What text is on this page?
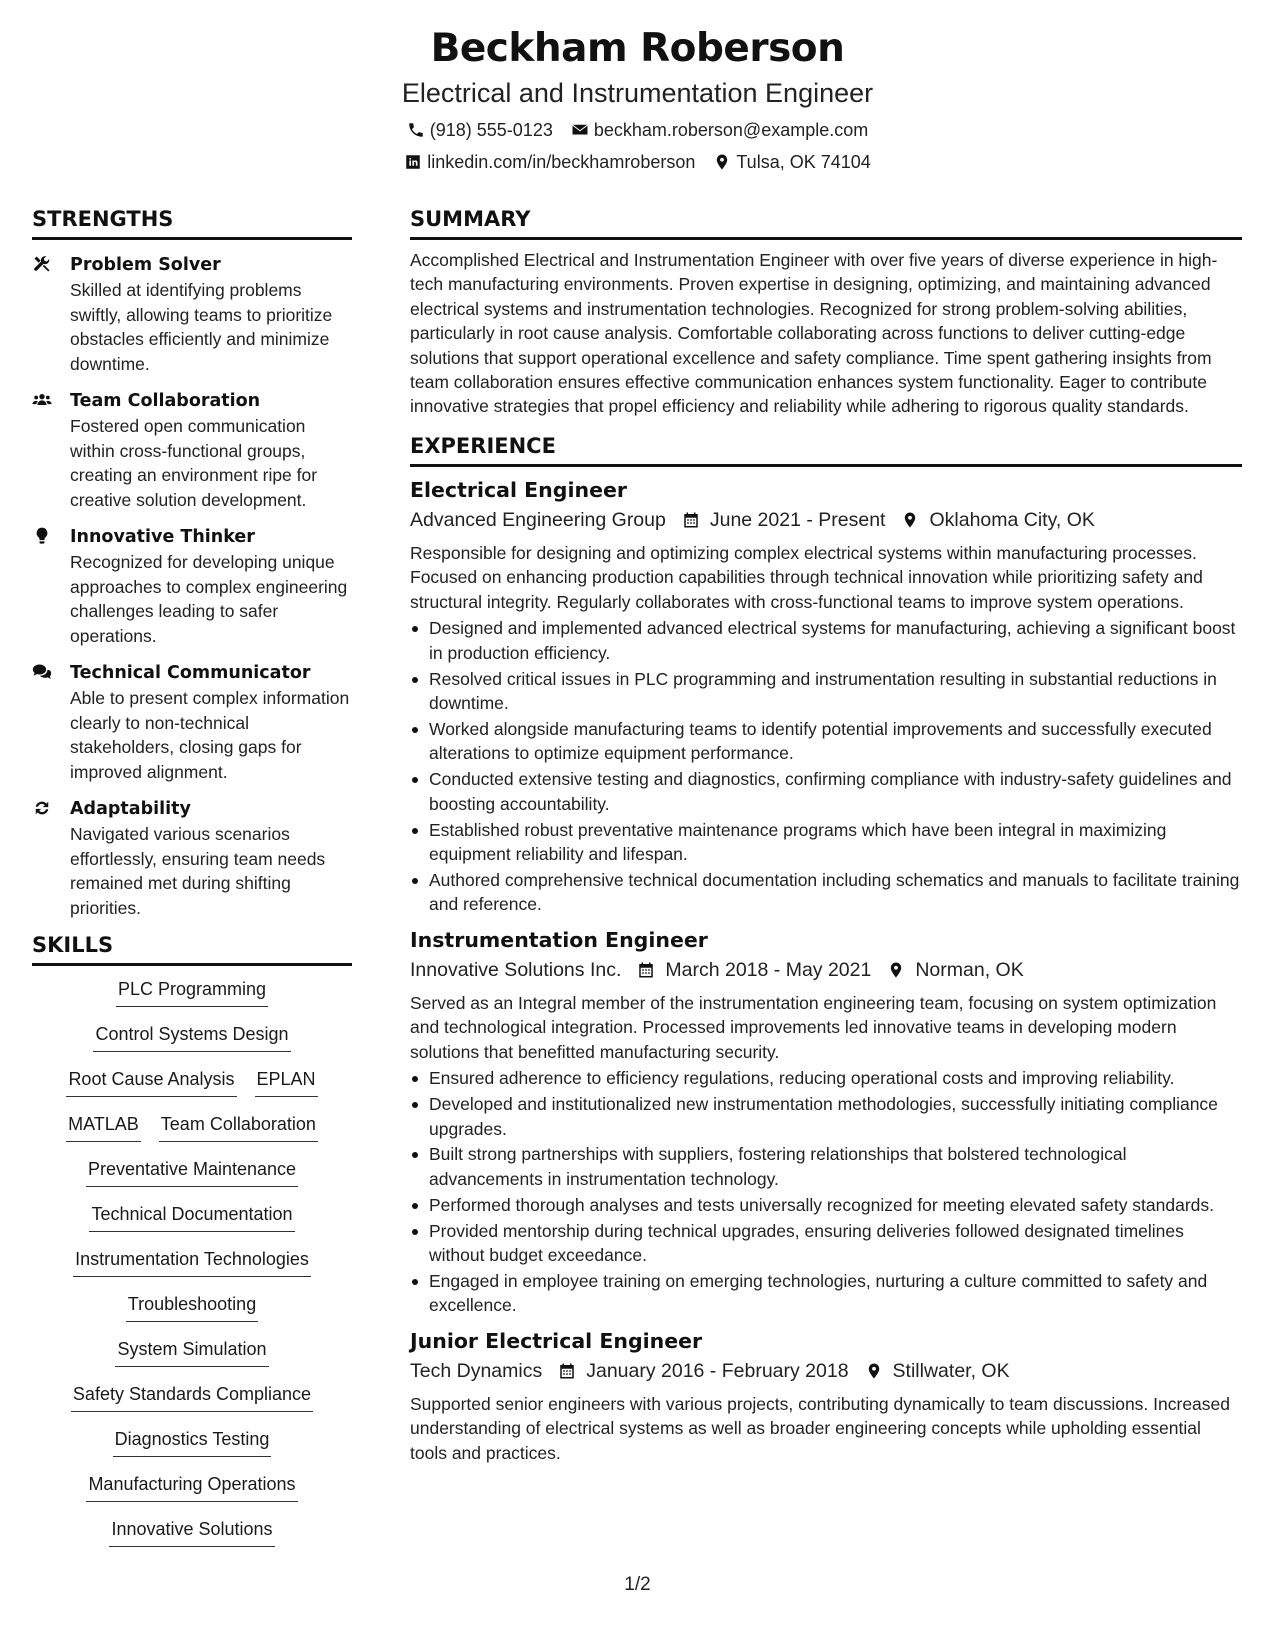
Beckham Roberson
Electrical and Instrumentation Engineer
(918) 555-0123 beckham.roberson@example.com
linkedin.com/in/beckhamroberson Tulsa, OK 74104
STRENGTHS
Problem Solver
Skilled at identifying problems swiftly, allowing teams to prioritize obstacles efficiently and minimize downtime.
Team Collaboration
Fostered open communication within cross-functional groups, creating an environment ripe for creative solution development.
Innovative Thinker
Recognized for developing unique approaches to complex engineering challenges leading to safer operations.
Technical Communicator
Able to present complex information clearly to non-technical stakeholders, closing gaps for improved alignment.
Adaptability
Navigated various scenarios effortlessly, ensuring team needs remained met during shifting priorities.
SKILLS
PLC Programming
Control Systems Design
Root Cause Analysis EPLAN
MATLAB Team Collaboration
Preventative Maintenance
Technical Documentation
Instrumentation Technologies
Troubleshooting
System Simulation
Safety Standards Compliance
Diagnostics Testing
Manufacturing Operations
Innovative Solutions
SUMMARY
Accomplished Electrical and Instrumentation Engineer with over five years of diverse experience in high-tech manufacturing environments. Proven expertise in designing, optimizing, and maintaining advanced electrical systems and instrumentation technologies. Recognized for strong problem-solving abilities, particularly in root cause analysis. Comfortable collaborating across functions to deliver cutting-edge solutions that support operational excellence and safety compliance. Time spent gathering insights from team collaboration ensures effective communication enhances system functionality. Eager to contribute innovative strategies that propel efficiency and reliability while adhering to rigorous quality standards.
EXPERIENCE
Electrical Engineer
Advanced Engineering Group June 2021 - Present Oklahoma City, OK
Responsible for designing and optimizing complex electrical systems within manufacturing processes. Focused on enhancing production capabilities through technical innovation while prioritizing safety and structural integrity. Regularly collaborates with cross-functional teams to improve system operations.
Designed and implemented advanced electrical systems for manufacturing, achieving a significant boost in production efficiency.
Resolved critical issues in PLC programming and instrumentation resulting in substantial reductions in downtime.
Worked alongside manufacturing teams to identify potential improvements and successfully executed alterations to optimize equipment performance.
Conducted extensive testing and diagnostics, confirming compliance with industry-safety guidelines and boosting accountability.
Established robust preventative maintenance programs which have been integral in maximizing equipment reliability and lifespan.
Authored comprehensive technical documentation including schematics and manuals to facilitate training and reference.
Instrumentation Engineer
Innovative Solutions Inc. March 2018 - May 2021 Norman, OK
Served as an Integral member of the instrumentation engineering team, focusing on system optimization and technological integration. Processed improvements led innovative teams in developing modern solutions that benefitted manufacturing security.
Ensured adherence to efficiency regulations, reducing operational costs and improving reliability.
Developed and institutionalized new instrumentation methodologies, successfully initiating compliance upgrades.
Built strong partnerships with suppliers, fostering relationships that bolstered technological advancements in instrumentation technology.
Performed thorough analyses and tests universally recognized for meeting elevated safety standards.
Provided mentorship during technical upgrades, ensuring deliveries followed designated timelines without budget exceedance.
Engaged in employee training on emerging technologies, nurturing a culture committed to safety and excellence.
Junior Electrical Engineer
Tech Dynamics January 2016 - February 2018 Stillwater, OK
Supported senior engineers with various projects, contributing dynamically to team discussions. Increased understanding of electrical systems as well as broader engineering concepts while upholding essential tools and practices.
1/2
